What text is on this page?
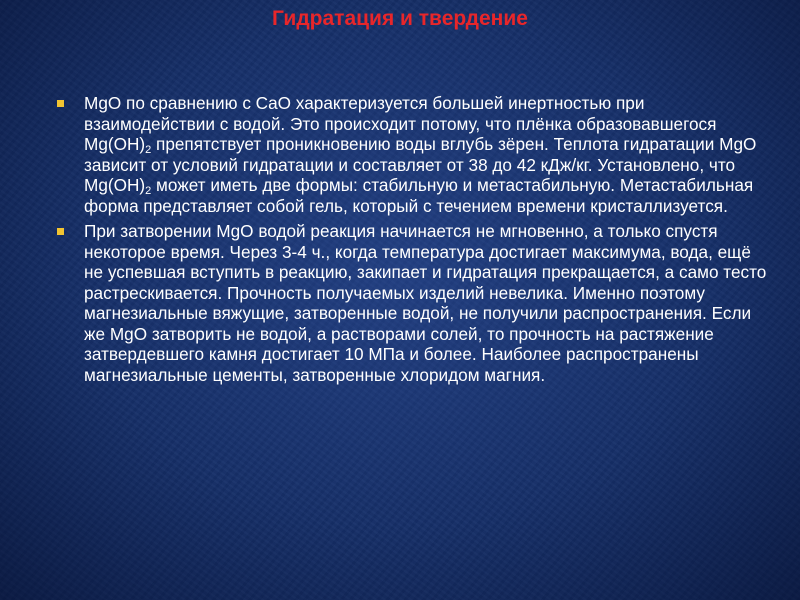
Гидратация и твердение

MgO по сравнению с CaO характеризуется большей инертностью при взаимодействии с водой. Это происходит потому, что плёнка образовавшегося $Mg(OH)_2$ препятствует проникновению воды вглубь зёрен. Теплота гидратации MgO зависит от условий гидратации и составляет от 38 до 42 кДж/кг. Установлено, что $Mg(OH)_2$ может иметь две формы: стабильную и метастабильную. Метастабильная форма представляет собой гель, который с течением времени кристаллизуется.

При затворении MgO водой реакция начинается не мгновенно, а только спустя некоторое время. Через 3-4 ч., когда температура достигает максимума, вода, ещё не успевшая вступить в реакцию, закипает и гидратация прекращается, а само тесто растрескивается. Прочность получаемых изделий невелика. Именно поэтому магнезиальные вяжущие, затворенные водой, не получили распространения. Если же MgO затворить не водой, а растворами солей, то прочность на растяжение затвердевшего камня достигает 10 МПа и более. Наиболее распространены магнезиальные цементы, затворенные хлоридом магния.
